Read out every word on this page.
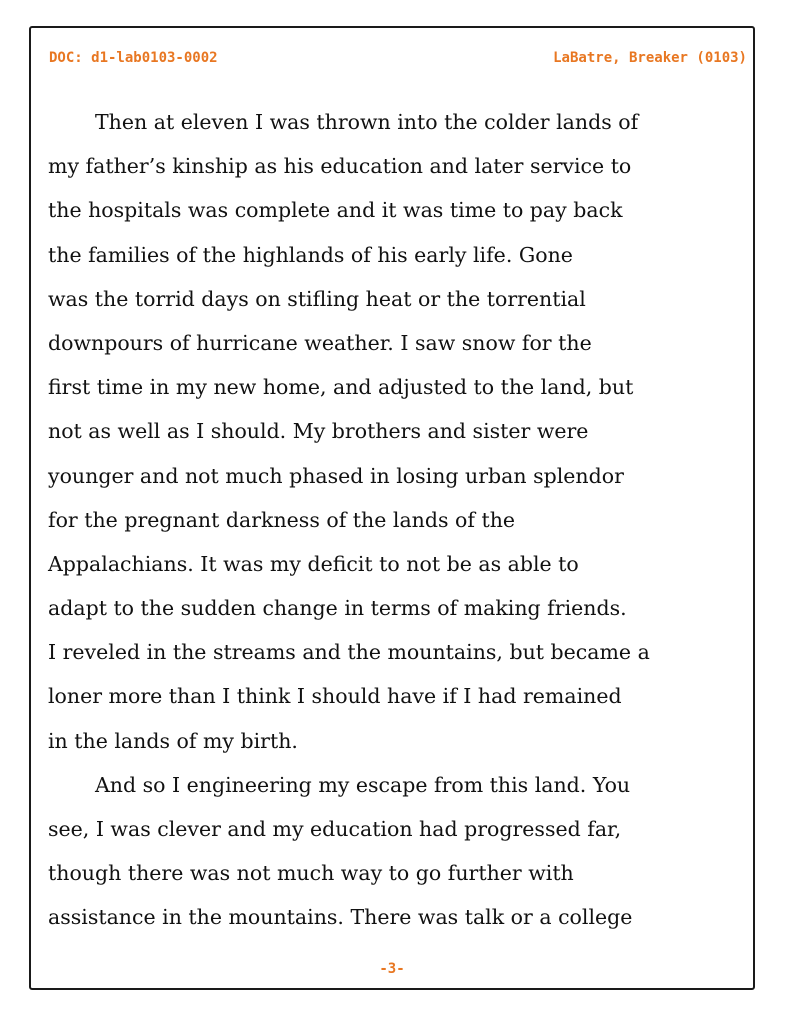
DOC: d1-lab0103-0002	LaBatre, Breaker (0103)
Then at eleven I was thrown into the colder lands of
my father’s kinship as his education and later service to
the hospitals was complete and it was time to pay back
the families of the highlands of his early life. Gone
was the torrid days on stifling heat or the torrential
downpours of hurricane weather. I saw snow for the
first time in my new home, and adjusted to the land, but
not as well as I should. My brothers and sister were
younger and not much phased in losing urban splendor
for the pregnant darkness of the lands of the
Appalachians. It was my deficit to not be as able to
adapt to the sudden change in terms of making friends.
I reveled in the streams and the mountains, but became a
loner more than I think I should have if I had remained
in the lands of my birth.
And so I engineering my escape from this land. You
see, I was clever and my education had progressed far,
though there was not much way to go further with
assistance in the mountains. There was talk or a college
-3-
